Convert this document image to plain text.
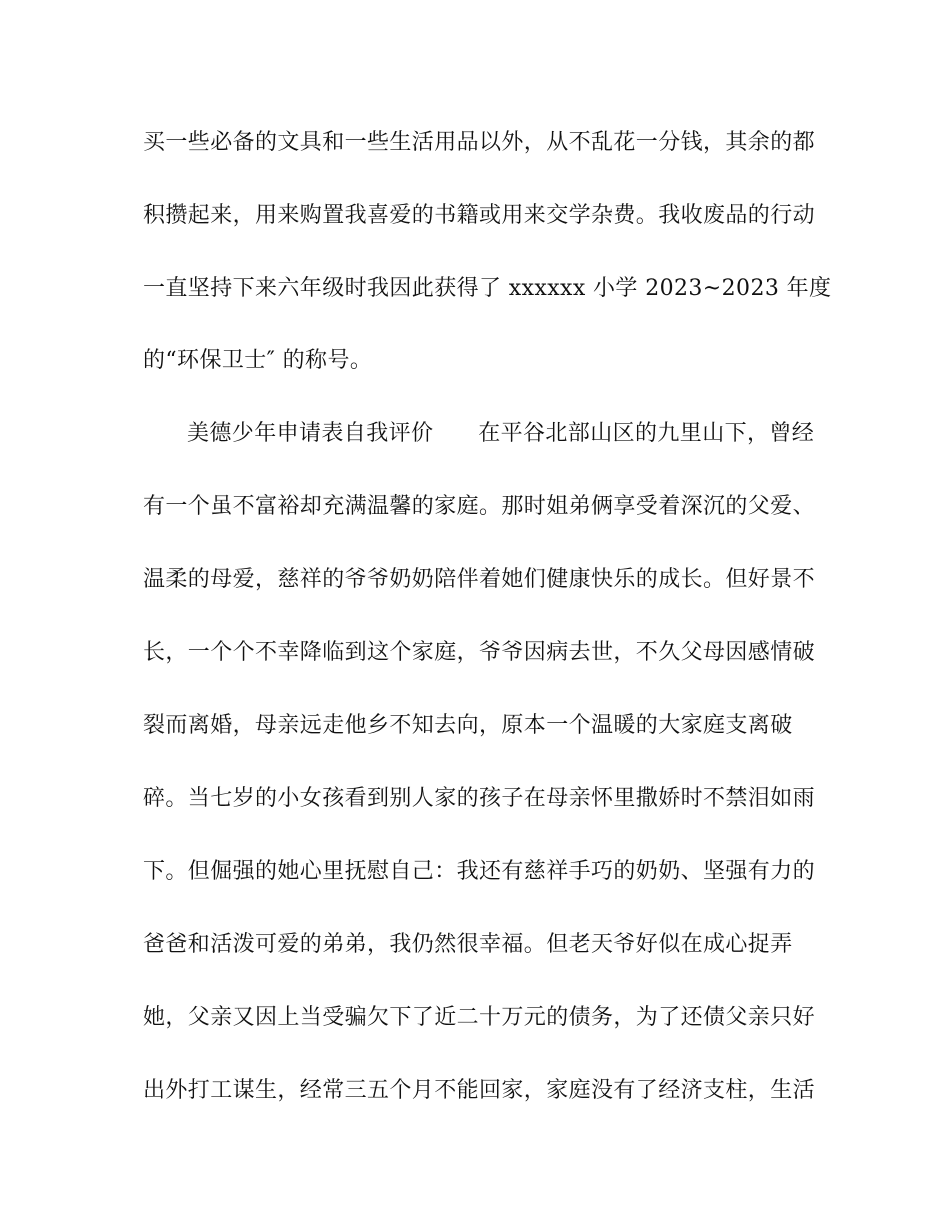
买一些必备的文具和一些生活用品以外，从不乱花一分钱，其余的都
积攒起来，用来购置我喜爱的书籍或用来交学杂费。我收废品的行动
一直坚持下来六年级时我因此获得了 xxxxxx 小学 2023~2023 年度
的“环保卫士″ 的称号。
美德少年申请表自我评价　　在平谷北部山区的九里山下，曾经
有一个虽不富裕却充满温馨的家庭。那时姐弟俩享受着深沉的父爱、
温柔的母爱，慈祥的爷爷奶奶陪伴着她们健康快乐的成长。但好景不
长，一个个不幸降临到这个家庭，爷爷因病去世，不久父母因感情破
裂而离婚，母亲远走他乡不知去向，原本一个温暖的大家庭支离破
碎。当七岁的小女孩看到别人家的孩子在母亲怀里撒娇时不禁泪如雨
下。但倔强的她心里抚慰自己：我还有慈祥手巧的奶奶、坚强有力的
爸爸和活泼可爱的弟弟，我仍然很幸福。但老天爷好似在成心捉弄
她，父亲又因上当受骗欠下了近二十万元的债务，为了还债父亲只好
出外打工谋生，经常三五个月不能回家，家庭没有了经济支柱，生活
